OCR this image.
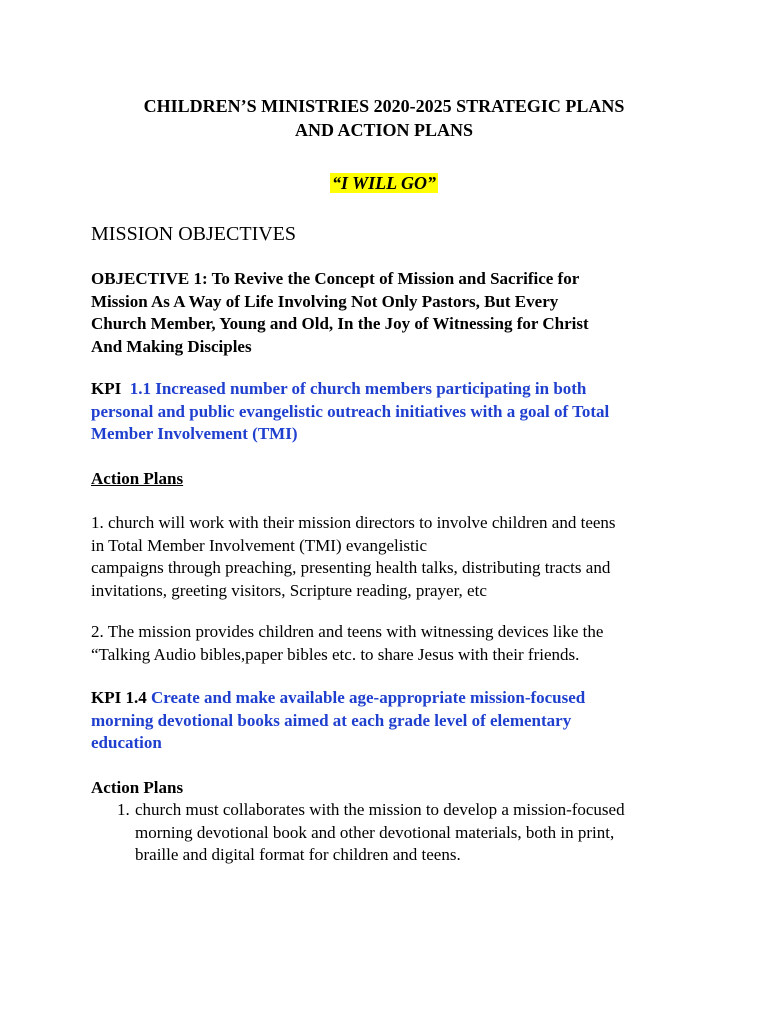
CHILDREN’S MINISTRIES 2020-2025 STRATEGIC PLANS
AND ACTION PLANS
“I WILL GO”
MISSION OBJECTIVES

OBJECTIVE 1: To Revive the Concept of Mission and Sacrifice for
Mission As A Way of Life Involving Not Only Pastors, But Every
Church Member, Young and Old, In the Joy of Witnessing for Christ
And Making Disciples

KPI 1.1 Increased number of church members participating in both
personal and public evangelistic outreach initiatives with a goal of Total
Member Involvement (TMI)

Action Plans

1. church will work with their mission directors to involve children and teens
in Total Member Involvement (TMI) evangelistic
campaigns through preaching, presenting health talks, distributing tracts and
invitations, greeting visitors, Scripture reading, prayer, etc

2. The mission provides children and teens with witnessing devices like the
“Talking Audio bibles,paper bibles etc. to share Jesus with their friends.

KPI 1.4 Create and make available age-appropriate mission-focused
morning devotional books aimed at each grade level of elementary
education

Action Plans

1. church must collaborates with the mission to develop a mission-focused
morning devotional book and other devotional materials, both in print,
braille and digital format for children and teens.
